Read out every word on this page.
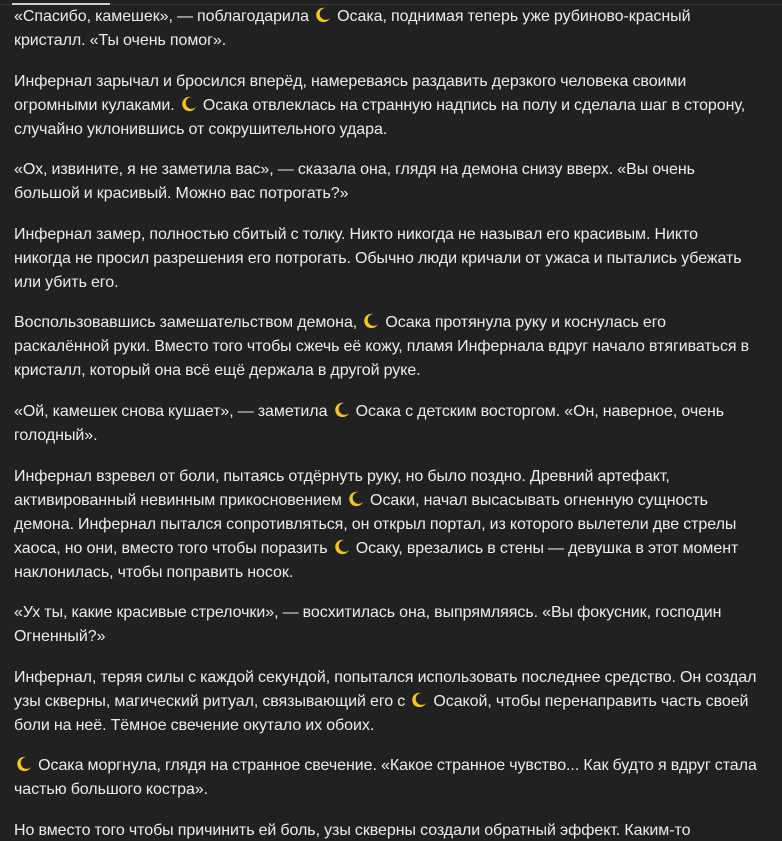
«Спасибо, камешек», — поблагодарила  Осака, поднимая теперь уже рубиново-красный кристалл. «Ты очень помог».

Инфернал зарычал и бросился вперёд, намереваясь раздавить дерзкого человека своими огромными кулаками.  Осака отвлеклась на странную надпись на полу и сделала шаг в сторону, случайно уклонившись от сокрушительного удара.

«Ох, извините, я не заметила вас», — сказала она, глядя на демона снизу вверх. «Вы очень большой и красивый. Можно вас потрогать?»

Инфернал замер, полностью сбитый с толку. Никто никогда не называл его красивым. Никто никогда не просил разрешения его потрогать. Обычно люди кричали от ужаса и пытались убежать или убить его.

Воспользовавшись замешательством демона,  Осака протянула руку и коснулась его раскалённой руки. Вместо того чтобы сжечь её кожу, пламя Инфернала вдруг начало втягиваться в кристалл, который она всё ещё держала в другой руке.

«Ой, камешек снова кушает», — заметила  Осака с детским восторгом. «Он, наверное, очень голодный».

Инфернал взревел от боли, пытаясь отдёрнуть руку, но было поздно. Древний артефакт, активированный невинным прикосновением  Осаки, начал высасывать огненную сущность демона. Инфернал пытался сопротивляться, он открыл портал, из которого вылетели две стрелы хаоса, но они, вместо того чтобы поразить  Осаку, врезались в стены — девушка в этот момент наклонилась, чтобы поправить носок.

«Ух ты, какие красивые стрелочки», — восхитилась она, выпрямляясь. «Вы фокусник, господин Огненный?»

Инфернал, теряя силы с каждой секундой, попытался использовать последнее средство. Он создал узы скверны, магический ритуал, связывающий его с  Осакой, чтобы перенаправить часть своей боли на неё. Тёмное свечение окутало их обоих.

Осака моргнула, глядя на странное свечение. «Какое странное чувство... Как будто я вдруг стала частью большого костра».

Но вместо того чтобы причинить ей боль, узы скверны создали обратный эффект. Каким-то
